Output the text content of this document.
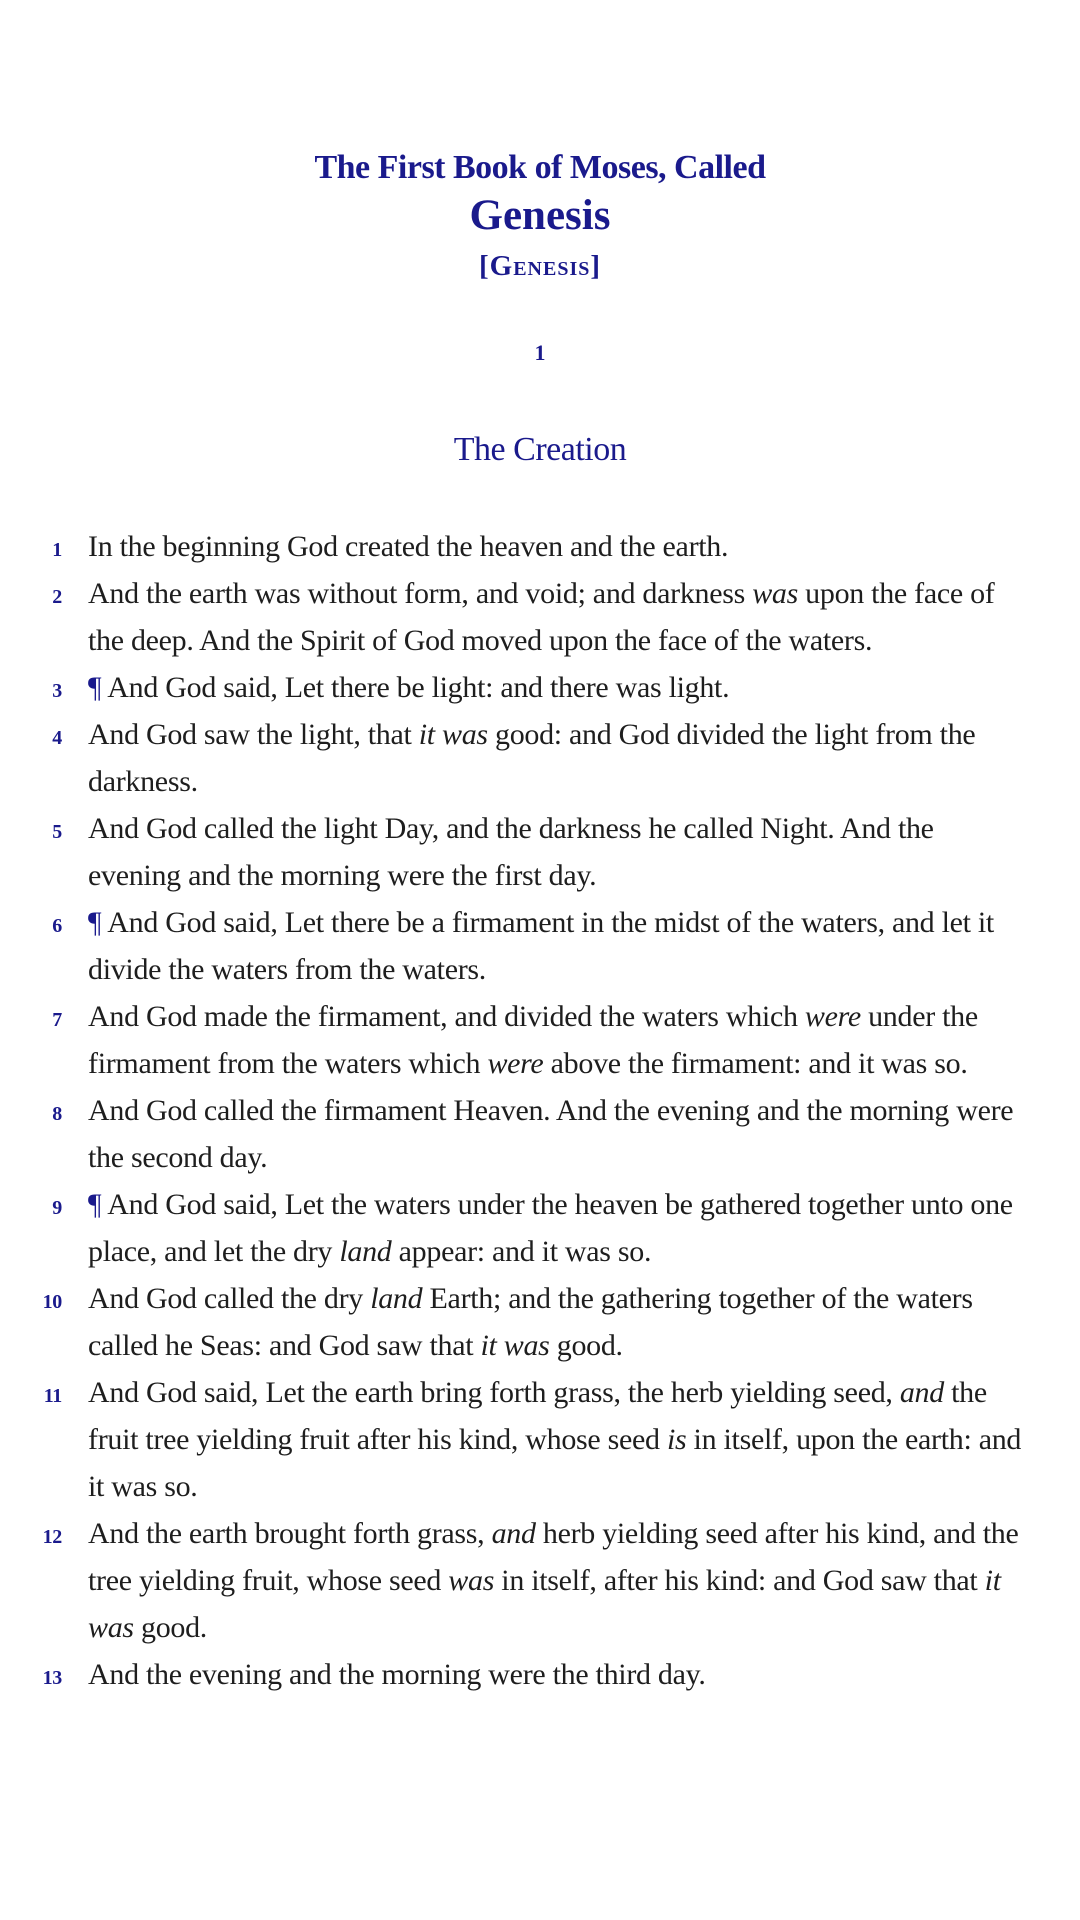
The First Book of Moses, Called
Genesis
[Genesis]
1
The Creation
1 In the beginning God created the heaven and the earth.
2 And the earth was without form, and void; and darkness was upon the face of the deep. And the Spirit of God moved upon the face of the waters.
3 ¶ And God said, Let there be light: and there was light.
4 And God saw the light, that it was good: and God divided the light from the darkness.
5 And God called the light Day, and the darkness he called Night. And the evening and the morning were the first day.
6 ¶ And God said, Let there be a firmament in the midst of the waters, and let it divide the waters from the waters.
7 And God made the firmament, and divided the waters which were under the firmament from the waters which were above the firmament: and it was so.
8 And God called the firmament Heaven. And the evening and the morning were the second day.
9 ¶ And God said, Let the waters under the heaven be gathered together unto one place, and let the dry land appear: and it was so.
10 And God called the dry land Earth; and the gathering together of the waters called he Seas: and God saw that it was good.
11 And God said, Let the earth bring forth grass, the herb yielding seed, and the fruit tree yielding fruit after his kind, whose seed is in itself, upon the earth: and it was so.
12 And the earth brought forth grass, and herb yielding seed after his kind, and the tree yielding fruit, whose seed was in itself, after his kind: and God saw that it was good.
13 And the evening and the morning were the third day.
